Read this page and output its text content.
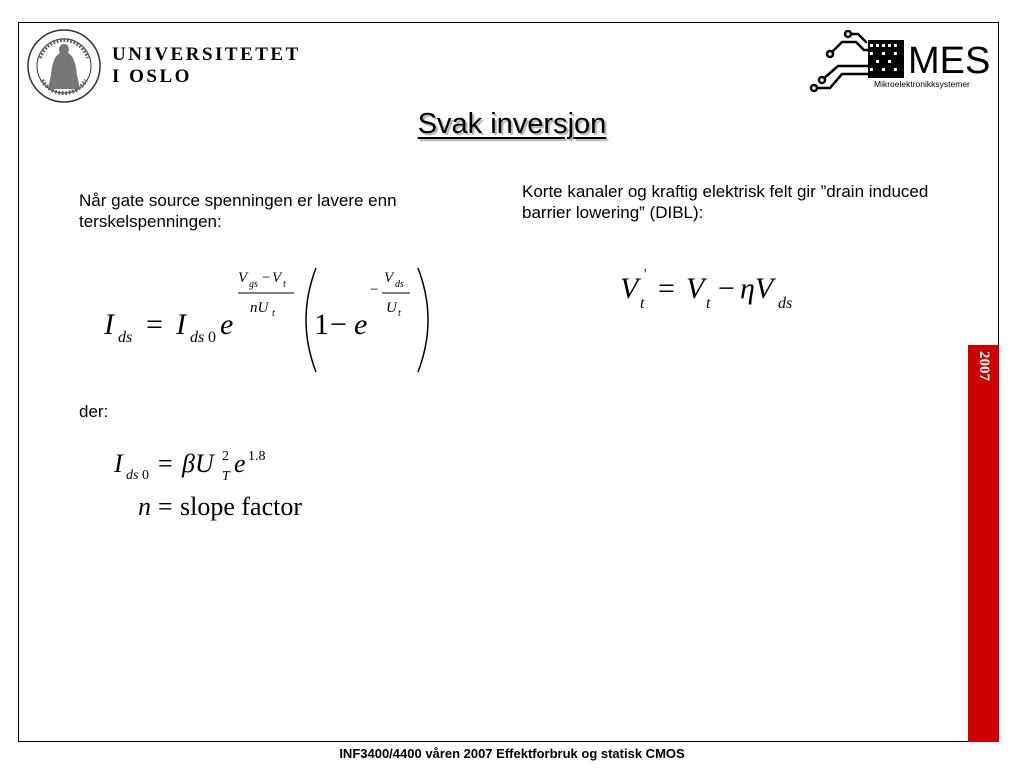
2007
UNIVERSITETET
I OSLO	MES
Mikroelektronikksystemer
Svak inversjon
Når gate source spenningen er lavere enn terskelspenningen:
Korte kanaler og kraftig elektrisk felt gir ”drain induced barrier lowering” (DIBL):
der:
I ds = I ds 0 e
V gs − V t
nU t 1 − e
−
V ds
U t
V t
' = V t − ηV ds
I ds 0 = βU T
2 e 1.8
n = slope factor
INF3400/4400 våren 2007 Effektforbruk og statisk CMOS
